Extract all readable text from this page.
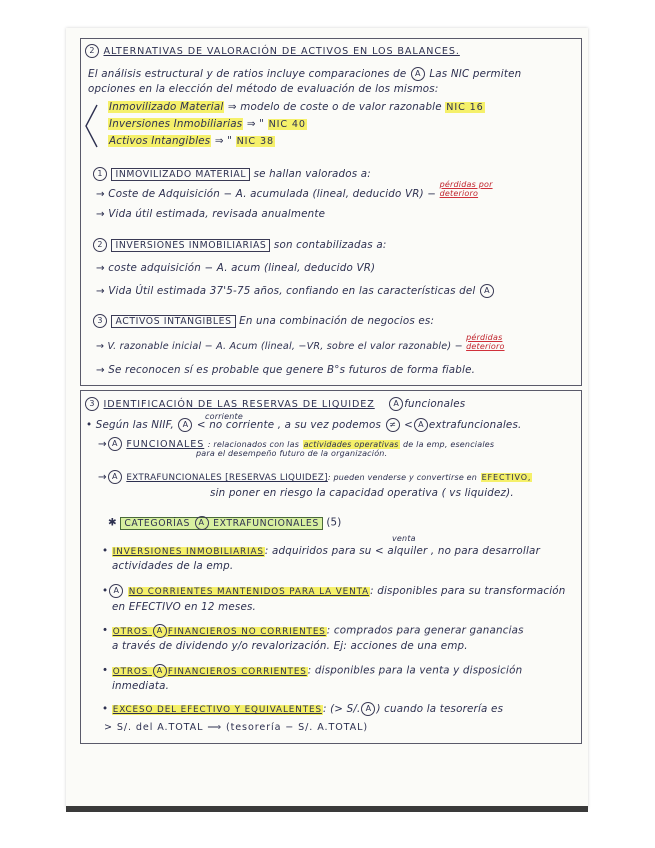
2 ALTERNATIVAS DE VALORACIÓN DE ACTIVOS EN LOS BALANCES.
El análisis estructural y de ratios incluye comparaciones de A Las NIC permiten
opciones en la elección del método de evaluación de los mismos:
Inmovilizado Material ⇒ modelo de coste o de valor razonable NIC 16
Inversiones Inmobiliarias ⇒ " NIC 40
Activos Intangibles ⇒ " NIC 38
1 INMOVILIZADO MATERIAL se hallan valorados a:
→ Coste de Adquisición − A. acumulada (lineal, deducido VR) − pérdidas por deterioro
→ Vida útil estimada, revisada anualmente
2 INVERSIONES INMOBILIARIAS son contabilizadas a:
→ coste adquisición − A. acum (lineal, deducido VR)
→ Vida Útil estimada 37'5-75 años, confiando en las características del A
3 ACTIVOS INTANGIBLES En una combinación de negocios es:
→ V. razonable inicial − A. Acum (lineal, −VR, sobre el valor razonable) − pérdidas deterioro
→ Se reconocen sí es probable que genere B°s futuros de forma fiable.
3 IDENTIFICACIÓN DE LAS RESERVAS DE LIQUIDEZ A funcionales
corriente
• Según las NIIF, A < no corriente , a su vez podemos ≠ < A extrafuncionales.
→ A FUNCIONALES : relacionados con las actividades operativas de la emp, esenciales
para el desempeño futuro de la organización.
→ A EXTRAFUNCIONALES [RESERVAS LIQUIDEZ]: pueden venderse y convertirse en EFECTIVO,
sin poner en riesgo la capacidad operativa ( vs liquidez).
✱ CATEGORÍAS A EXTRAFUNCIONALES (5)
venta
• INVERSIONES INMOBILIARIAS: adquiridos para su < alquiler , no para desarrollar
actividades de la emp.
• A NO CORRIENTES MANTENIDOS PARA LA VENTA: disponibles para su transformación
en EFECTIVO en 12 meses.
• OTROS A FINANCIEROS NO CORRIENTES: comprados para generar ganancias
a través de dividendo y/o revalorización. Ej: acciones de una emp.
• OTROS A FINANCIEROS CORRIENTES: disponibles para la venta y disposición
inmediata.
• EXCESO DEL EFECTIVO Y EQUIVALENTES: (> S/. A ) cuando la tesorería es
> S/. del A.TOTAL ⟹ (tesorería − S/. A.TOTAL)
